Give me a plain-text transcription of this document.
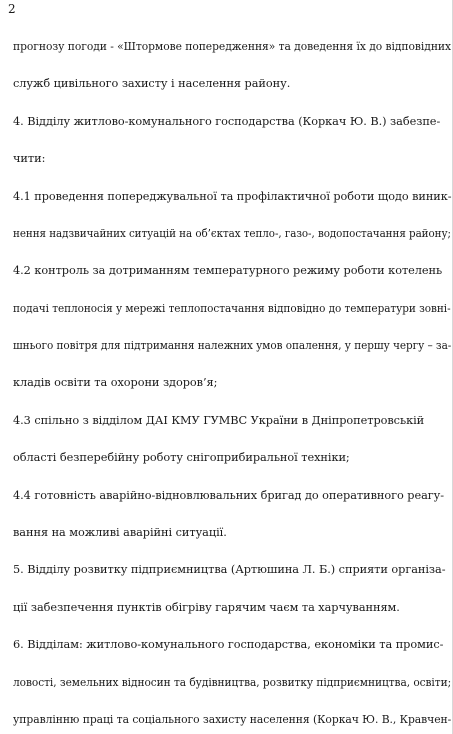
2
прогнозу погоди - «Штормове попередження» та доведення їх до відповідних
служб цивільного захисту і населення району.
4. Відділу житлово-комунального господарства (Коркач Ю. В.) забезпе-
чити:
4.1 проведення попереджувальної та профілактичної роботи щодо виник-
нення надзвичайних ситуацій на об’єктах тепло-, газо-, водопостачання району;
4.2 контроль за дотриманням температурного режиму роботи котелень
подачі теплоносія у мережі теплопостачання відповідно до температури зовні-
шнього повітря для підтримання належних умов опалення, у першу чергу – за-
кладів освіти та охорони здоров’я;
4.3 спільно з відділом ДАІ КМУ ГУМВС України в Дніпропетровській
області безперебійну роботу снігоприбиральної техніки;
4.4 готовність аварійно-відновлювальних бригад до оперативного реагу-
вання на можливі аварійні ситуації.
5. Відділу розвитку підприємництва (Артюшина Л. Б.) сприяти організа-
ції забезпечення пунктів обігріву гарячим чаєм та харчуванням.
6. Відділам: житлово-комунального господарства, економіки та промис-
ловості, земельних відносин та будівництва, розвитку підприємництва, освіти;
управлінню праці та соціального захисту населення (Коркач Ю. В., Кравчен-
